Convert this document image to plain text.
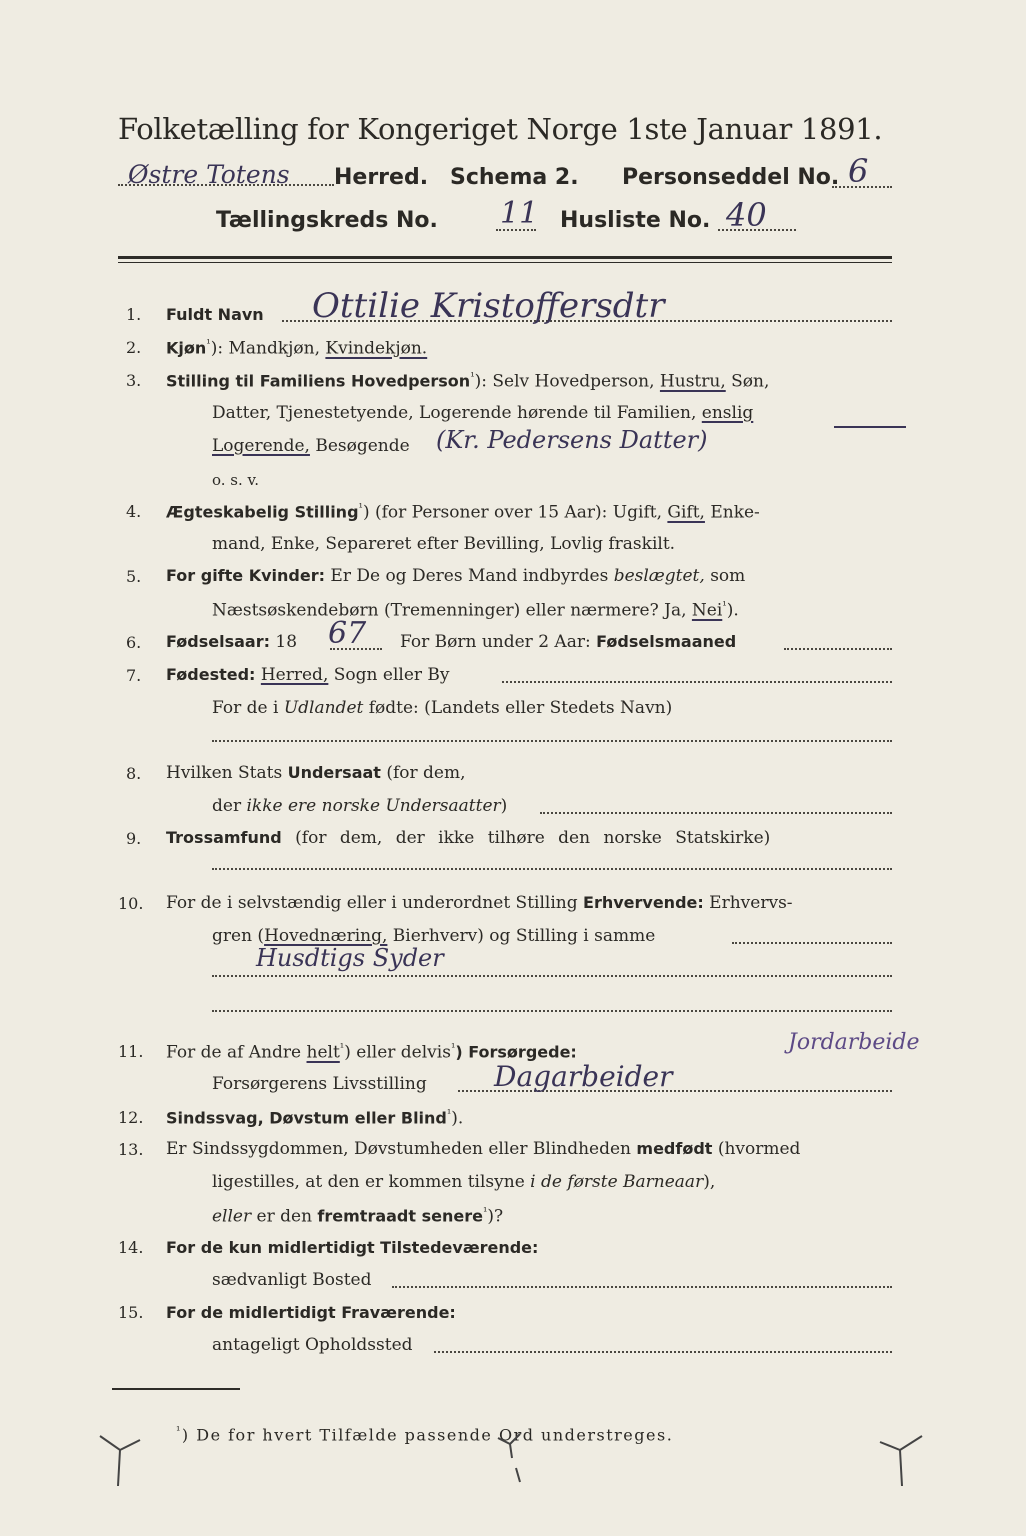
Folketælling for Kongeriget Norge 1ste Januar 1891.
Østre Totens Herred. Schema 2. Personseddel No. 6
Tællingskreds No. 11 Husliste No. 40
1. Fuldt Navn Ottilie Kristoffersdtr
2. Kjøn$^{^1}$): Mandkjøn, Kvindekjøn.
3. Stilling til Familiens Hovedperson$^{^1}$): Selv Hovedperson, Hustru, Søn,
Datter, Tjenestetyende, Logerende hørende til Familien, enslig
Logerende, Besøgende (Kr. Pedersens Datter)
o. s. v.
4. Ægteskabelig Stilling$^{^1}$) (for Personer over 15 Aar): Ugift, Gift, Enke-
mand, Enke, Separeret efter Bevilling, Lovlig fraskilt.
5. For gifte Kvinder: Er De og Deres Mand indbyrdes beslægtet, som
Næstsøskendebørn (Tremenninger) eller nærmere? Ja, Nei$^{^1}$).
6. Fødselsaar: 18 67 For Børn under 2 Aar: Fødselsmaaned
7. Fødested: Herred, Sogn eller By
For de i Udlandet fødte: (Landets eller Stedets Navn)
8. Hvilken Stats Undersaat (for dem,
der ikke ere norske Undersaatter)
9. Trossamfund (for dem, der ikke tilhøre den norske Statskirke)
10. For de i selvstændig eller i underordnet Stilling Erhvervende: Erhvervs-
gren (Hovednæring, Bierhverv) og Stilling i samme
Husdtigs Syder
11. For de af Andre helt$^{^1}$) eller delvis$^{^1}$) Forsørgede:
Forsørgerens Livsstilling Dagarbeider
Jordarbeide
12. Sindssvag, Døvstum eller Blind$^{^1}$).
13. Er Sindssygdommen, Døvstumheden eller Blindheden medfødt (hvormed
ligestilles, at den er kommen tilsyne i de første Barneaar),
eller er den fremtraadt senere$^{^1}$)?
14. For de kun midlertidigt Tilstedeværende:
sædvanligt Bosted
15. For de midlertidigt Fraværende:
antageligt Opholdssted
$^{^1}$) De for hvert Tilfælde passende Ord understreges.
